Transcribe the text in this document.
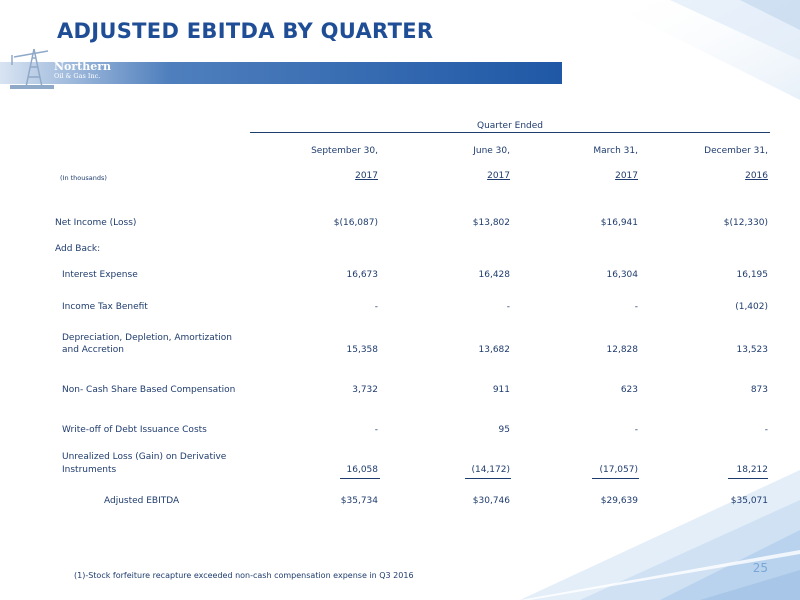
ADJUSTED EBITDA BY QUARTER
Northern
Oil & Gas Inc.
Quarter Ended
September 30,	June 30,	March 31,	December 31,
(In thousands)	2017	2017	2017	2016
Net Income (Loss)	$(16,087)	$13,802	$16,941	$(12,330)
Add Back:
Interest Expense	16,673	16,428	16,304	16,195
Income Tax Benefit	-	-	-	(1,402)
Depreciation, Depletion, Amortization
and Accretion	15,358	13,682	12,828	13,523
Non- Cash Share Based Compensation	3,732	911	623	873
Write-off of Debt Issuance Costs	-	95	-	-
Unrealized Loss (Gain) on Derivative
Instruments	16,058	(14,172)	(17,057)	18,212
Adjusted EBITDA	$35,734	$30,746	$29,639	$35,071
(1)-Stock forfeiture recapture exceeded non-cash compensation expense in Q3 2016
25
